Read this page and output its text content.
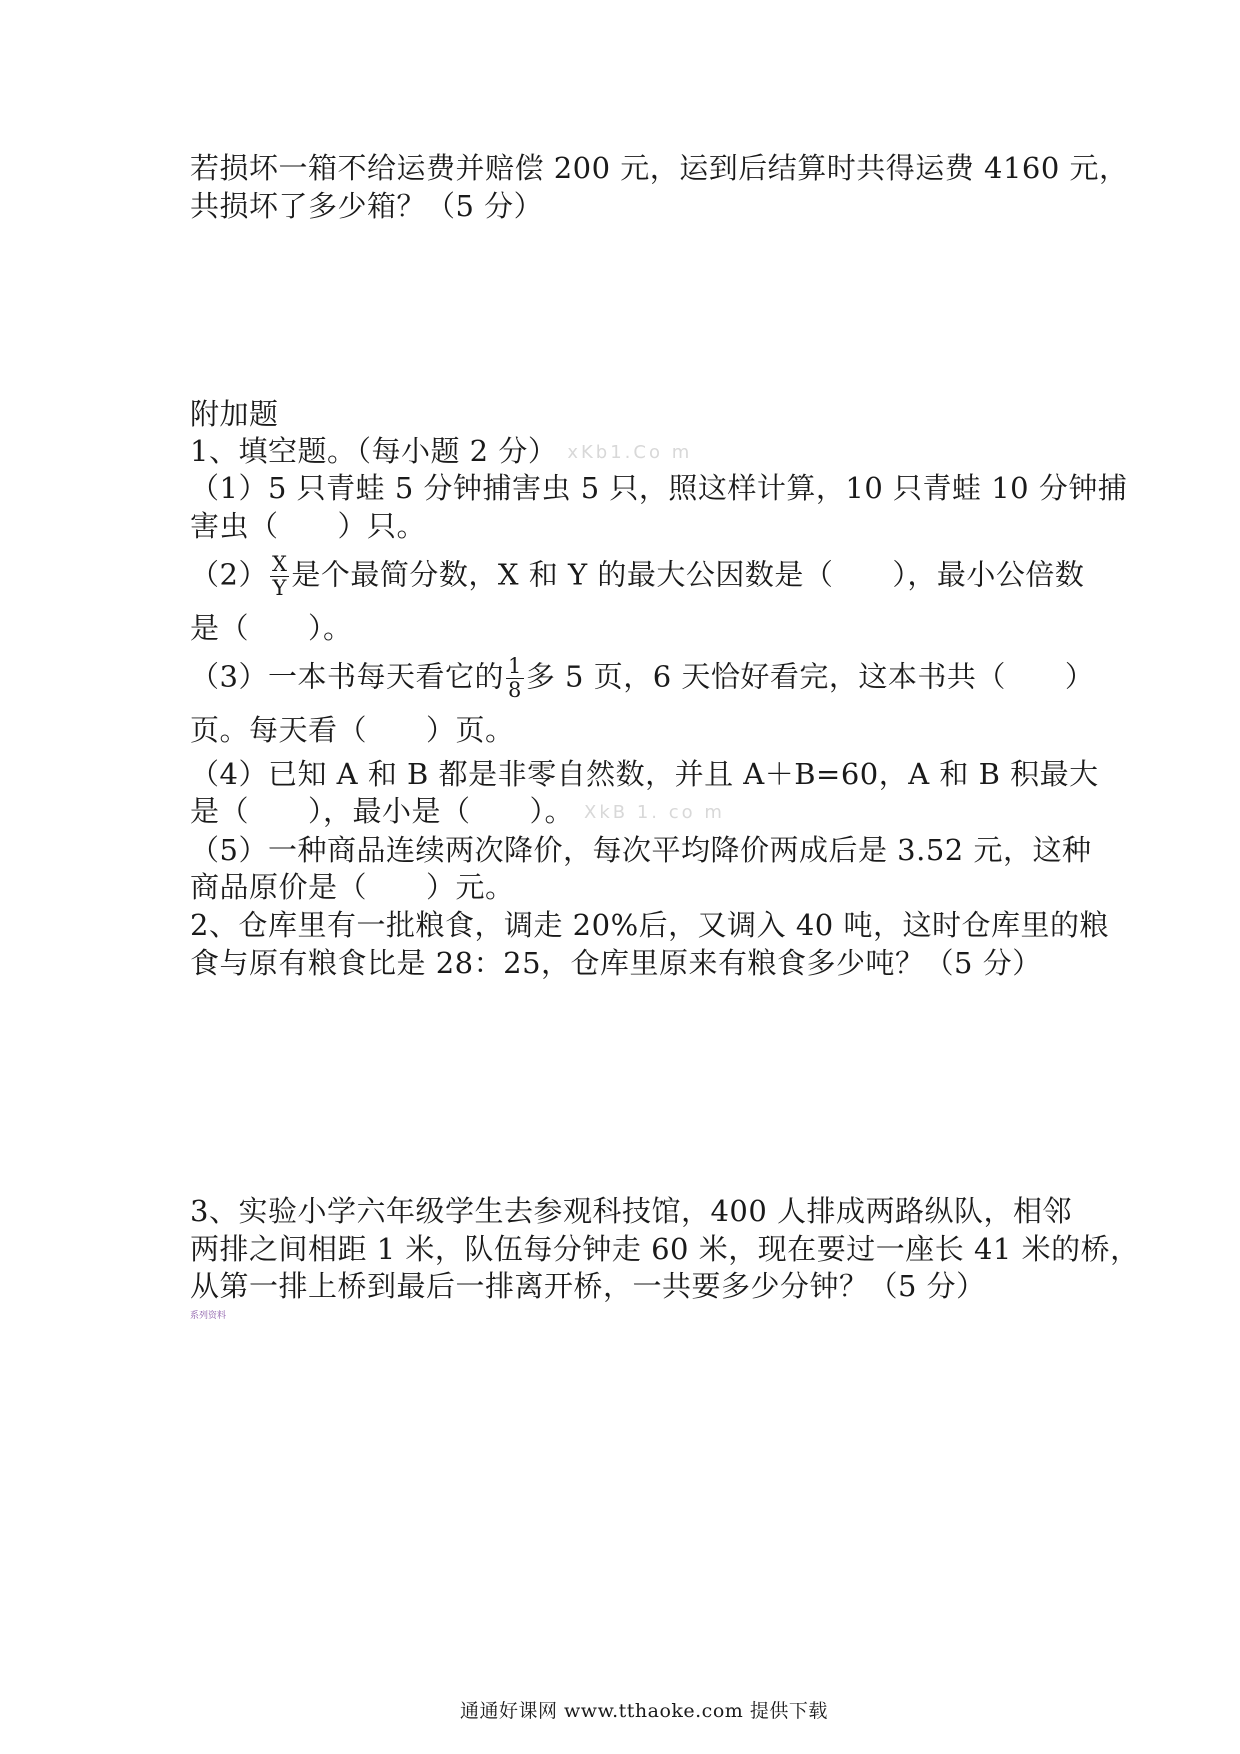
若损坏一箱不给运费并赔偿 200 元，运到后结算时共得运费 4160 元，
共损坏了多少箱？（5 分）
附加题
1、填空题。（每小题 2 分） xKb1.Co m
（1）5 只青蛙 5 分钟捕害虫 5 只，照这样计算，10 只青蛙 10 分钟捕
害虫（　　）只。
$(2) \frac{X}{Y}$ 是个最简分数，X 和 Y 的最大公因数是（　　），最小公倍数
是（　　）。
（3）一本书每天看它的 $\frac{1}{8}$ 多 5 页，6 天恰好看完，这本书共（　　）
页。每天看（　　）页。
（4）已知 A 和 B 都是非零自然数，并且 A＋B=60，A 和 B 积最大
是（　　），最小是（　　）。 XkB 1. co m
（5）一种商品连续两次降价，每次平均降价两成后是 3.52 元，这种
商品原价是（　　）元。
2、仓库里有一批粮食，调走 20%后，又调入 40 吨，这时仓库里的粮
食与原有粮食比是 28：25，仓库里原来有粮食多少吨？（5 分）
3、实验小学六年级学生去参观科技馆，400 人排成两路纵队，相邻
两排之间相距 1 米，队伍每分钟走 60 米，现在要过一座长 41 米的桥，
从第一排上桥到最后一排离开桥，一共要多少分钟？（5 分）
系列资料
通通好课网 www.tthaoke.com 提供下载
